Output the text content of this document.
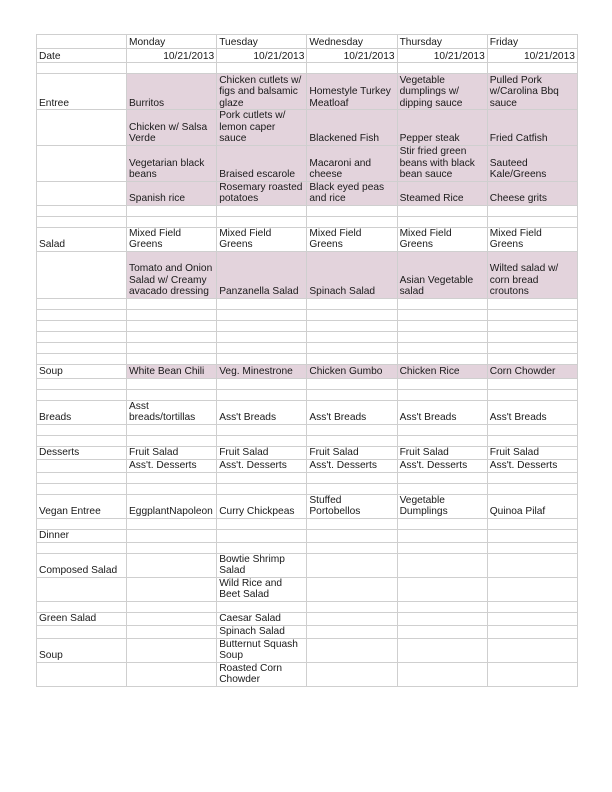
	Monday	Tuesday	Wednesday	Thursday	Friday
Date	10/21/2013	10/21/2013	10/21/2013	10/21/2013	10/21/2013

Entree	Burritos	Chicken cutlets w/ figs and balsamic glaze	Homestyle Turkey Meatloaf	Vegetable dumplings w/ dipping sauce	Pulled Pork w/Carolina Bbq sauce
	Chicken w/ Salsa Verde	Pork cutlets w/ lemon caper sauce	Blackened Fish	Pepper steak	Fried Catfish
	Vegetarian black beans	Braised escarole	Macaroni and cheese	Stir fried green beans with black bean sauce	Sauteed Kale/Greens
	Spanish rice	Rosemary roasted potatoes	Black eyed peas and rice	Steamed Rice	Cheese grits

Salad	Mixed Field Greens	Mixed Field Greens	Mixed Field Greens	Mixed Field Greens	Mixed Field Greens
	Tomato and Onion Salad w/ Creamy avacado dressing	Panzanella Salad	Spinach Salad	Asian Vegetable salad	Wilted salad w/ corn bread croutons

Soup	White Bean Chili	Veg. Minestrone	Chicken Gumbo	Chicken Rice	Corn Chowder

Breads	Asst breads/tortillas	Ass't Breads	Ass't Breads	Ass't Breads	Ass't Breads

Desserts	Fruit Salad	Fruit Salad	Fruit Salad	Fruit Salad	Fruit Salad
	Ass't. Desserts	Ass't. Desserts	Ass't. Desserts	Ass't. Desserts	Ass't. Desserts

Vegan Entree	EggplantNapoleon	Curry Chickpeas	Stuffed Portobellos	Vegetable Dumplings	Quinoa Pilaf

Dinner					

Composed Salad		Bowtie Shrimp Salad			
		Wild Rice and Beet Salad			

Green Salad		Caesar Salad			
		Spinach Salad			
Soup		Butternut Squash Soup			
		Roasted Corn Chowder			
